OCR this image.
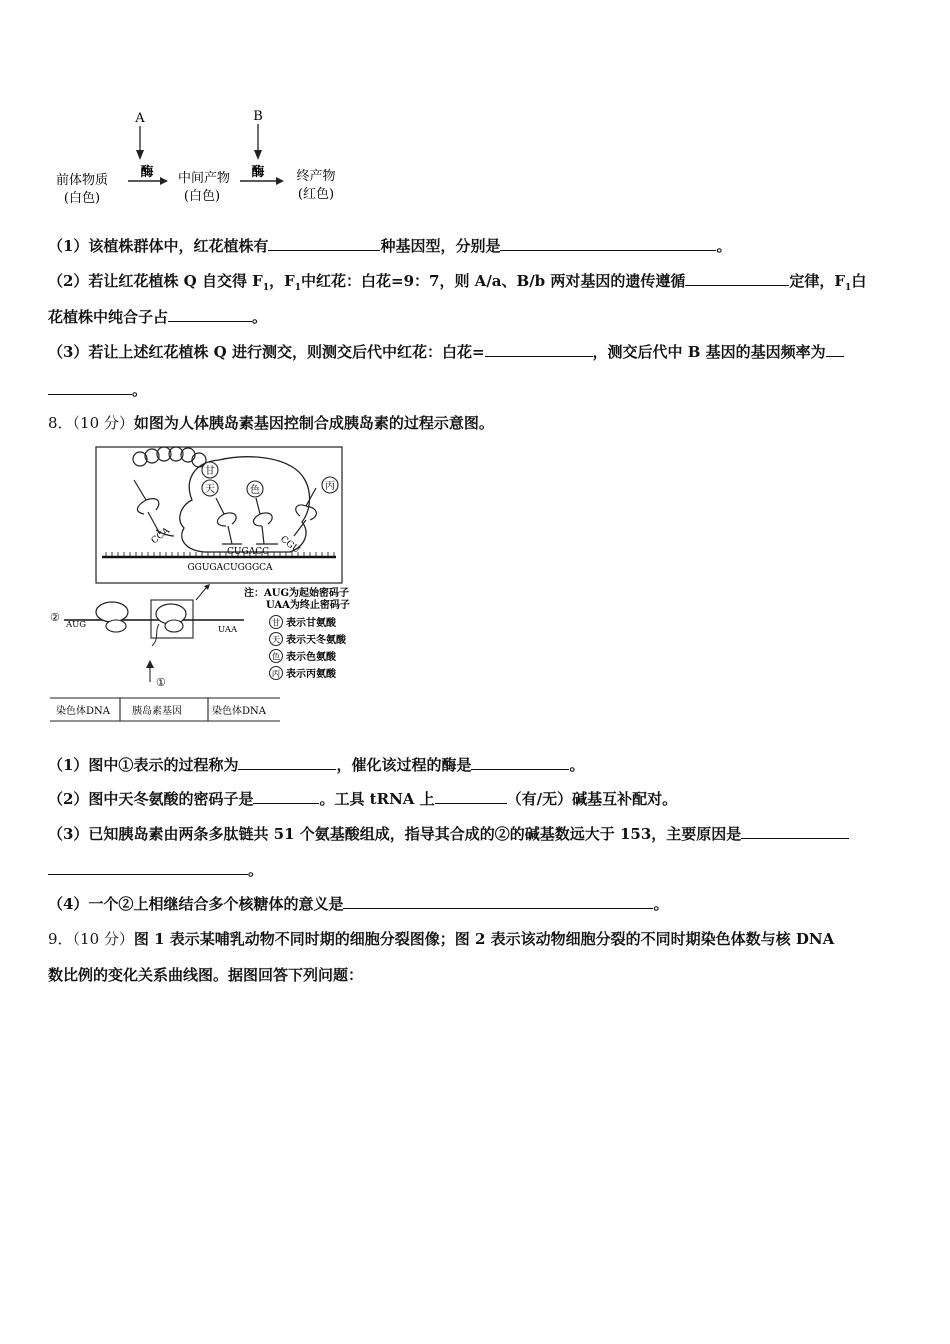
A	B
酶	酶
前体物质
(白色)
中间产物
(白色)
终产物
(红色)
（1）该植株群体中，红花植株有	种基因型，分别是	。
（2）若让红花植株 Q 自交得 $F_1$，$F_1$中红花：白花=9：7，则 A/a、B/b 两对基因的遗传遵循	定律，$F_1$白
花植株中纯合子占	。
（3）若让上述红花植株 Q 进行测交，则测交后代中红花：白花=	，测交后代中 B 基因的基因频率为
。
8．（10 分）如图为人体胰岛素基因控制合成胰岛素的过程示意图。
甘
天	色	丙
CCA
CUGACC CGU
GGUGACUGGGCA
②
AUG	UAA
①
染色体DNA 胰岛素基因	染色体DNA
注：AUG为起始密码子
UAA为终止密码子
甘 表示甘氨酸
天 表示天冬氨酸
色 表示色氨酸
丙 表示丙氨酸
（1）图中①表示的过程称为	，催化该过程的酶是	。
（2）图中天冬氨酸的密码子是	。工具 tRNA 上	（有/无）碱基互补配对。
（3）已知胰岛素由两条多肽链共 51 个氨基酸组成，指导其合成的②的碱基数远大于 153，主要原因是
。
（4）一个②上相继结合多个核糖体的意义是	。
9．（10 分）图 1 表示某哺乳动物不同时期的细胞分裂图像；图 2 表示该动物细胞分裂的不同时期染色体数与核 DNA
数比例的变化关系曲线图。据图回答下列问题：
